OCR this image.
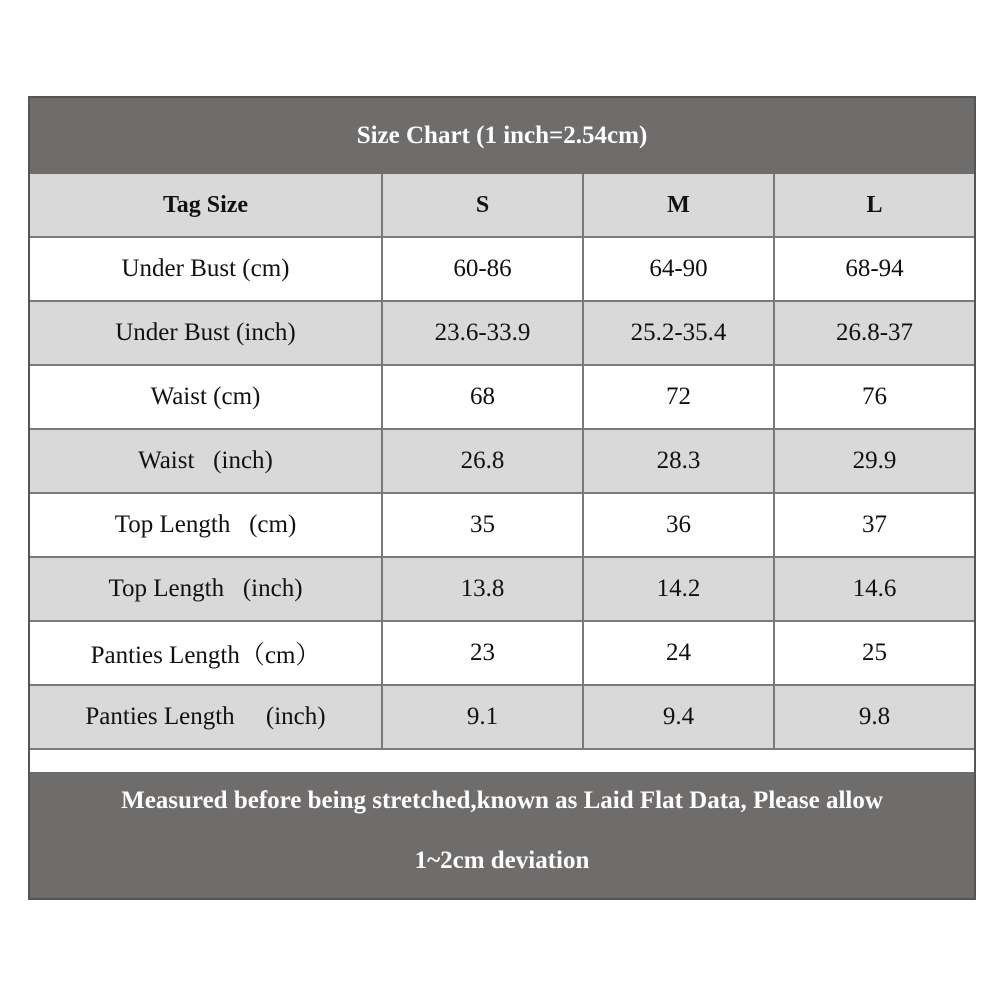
Size Chart (1 inch=2.54cm)
Tag Size	S	M	L
Under Bust (cm)	60-86	64-90	68-94
Under Bust (inch)	23.6-33.9	25.2-35.4	26.8-37
Waist (cm)	68	72	76
Waist   (inch)	26.8	28.3	29.9
Top Length   (cm)	35	36	37
Top Length   (inch)	13.8	14.2	14.6
Panties Length（cm）	23	24	25
Panties Length     (inch)	9.1	9.4	9.8
Measured before being stretched,known as Laid Flat Data, Please allow
1~2cm deviation
